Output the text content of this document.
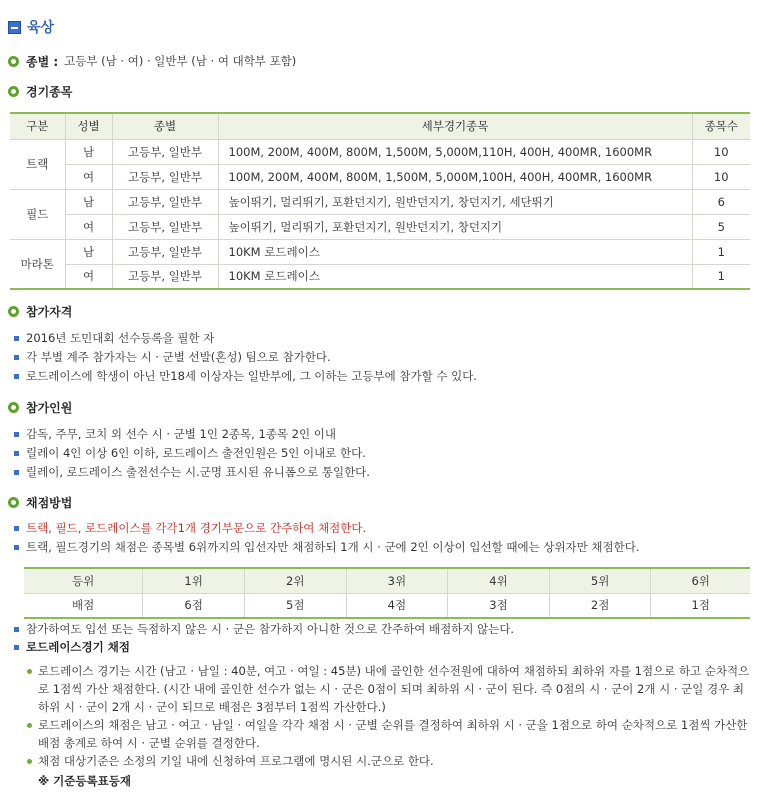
육상
종별 : 고등부 (남 · 여) · 일반부 (남 · 여 대학부 포함)
경기종목
구분	성별	종별	세부경기종목	종목수
트랙	남	고등부, 일반부	100M, 200M, 400M, 800M, 1,500M, 5,000M,110H, 400H, 400MR, 1600MR	10
	여	고등부, 일반부	100M, 200M, 400M, 800M, 1,500M, 5,000M,100H, 400H, 400MR, 1600MR	10
필드	남	고등부, 일반부	높이뛰기, 멀리뛰기, 포환던지기, 원반던지기, 창던지기, 세단뛰기	6
	여	고등부, 일반부	높이뛰기, 멀리뛰기, 포환던지기, 원반던지기, 창던지기	5
마라톤	남	고등부, 일반부	10KM 로드레이스	1
	여	고등부, 일반부	10KM 로드레이스	1
참가자격
2016년 도민대회 선수등록을 필한 자
각 부별 계주 참가자는 시 · 군별 선발(혼성) 팀으로 참가한다.
로드레이스에 학생이 아닌 만18세 이상자는 일반부에, 그 이하는 고등부에 참가할 수 있다.
참가인원
감독, 주무, 코치 외 선수 시 · 군별 1인 2종목, 1종목 2인 이내
릴레이 4인 이상 6인 이하, 로드레이스 출전인원은 5인 이내로 한다.
릴레이, 로드레이스 출전선수는 시.군명 표시된 유니폼으로 통일한다.
채점방법
트랙, 필드, 로드레이스를 각각1개 경기부문으로 간주하여 채점한다.
트랙, 필드경기의 채점은 종목별 6위까지의 입선자만 채점하되 1개 시 · 군에 2인 이상이 입선할 때에는 상위자만 채점한다.
등위	1위	2위	3위	4위	5위	6위
배점	6점	5점	4점	3점	2점	1점
참가하여도 입선 또는 득점하지 않은 시 · 군은 참가하지 아니한 것으로 간주하여 배점하지 않는다.
로드레이스경기 채점
로드레이스 경기는 시간 (남고 · 남일 : 40분, 여고 · 여일 : 45분) 내에 골인한 선수전원에 대하여 채점하되 최하위 자를 1점으로 하고 순차적으로 1점씩 가산 채점한다. (시간 내에 골인한 선수가 없는 시 · 군은 0점이 되며 최하위 시 · 군이 된다. 즉 0점의 시 · 군이 2개 시 · 군일 경우 최하위 시 · 군이 2개 시 · 군이 되므로 배점은 3점부터 1점씩 가산한다.)
로드레이스의 채점은 남고 · 여고 · 남일 · 여일을 각각 채점 시 · 군별 순위를 결정하여 최하위 시 · 군을 1점으로 하여 순차적으로 1점씩 가산한 배점 총계로 하여 시 · 군별 순위를 결정한다.
채점 대상기준은 소정의 기일 내에 신청하여 프로그램에 명시된 시.군으로 한다.
※ 기준등록표등재
